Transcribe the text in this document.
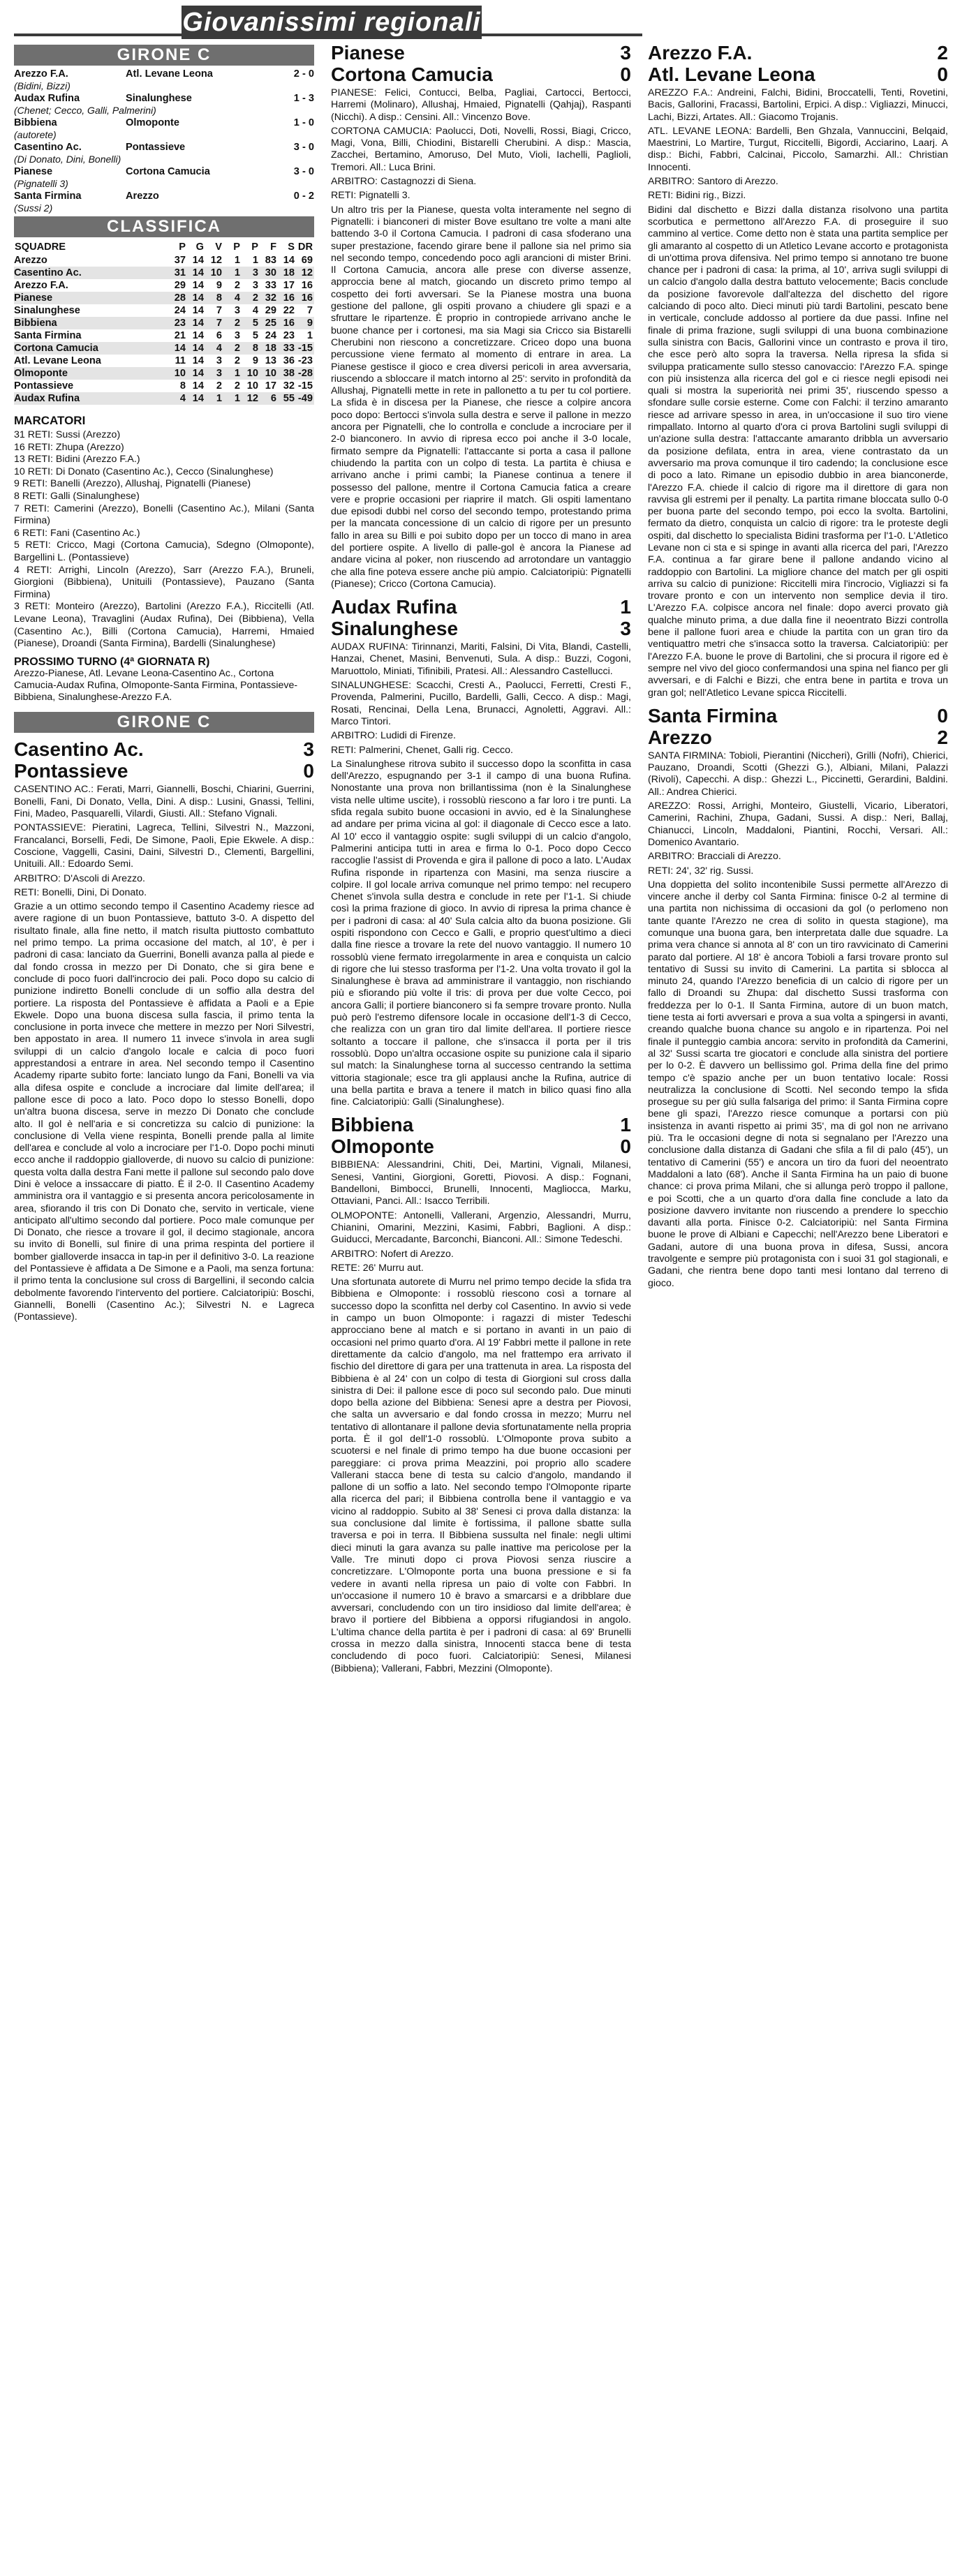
Giovanissimi regionali
GIRONE C
Arezzo F.A.	Atl. Levane Leona	2 - 0
(Bidini, Bizzi)
Audax Rufina	Sinalunghese	1 - 3
(Chenet; Cecco, Galli, Palmerini)
Bibbiena	Olmoponte	1 - 0
(autorete)
Casentino Ac.	Pontassieve	3 - 0
(Di Donato, Dini, Bonelli)
Pianese	Cortona Camucia	3 - 0
(Pignatelli 3)
Santa Firmina	Arezzo	0 - 2
(Sussi 2)
CLASSIFICA
SQUADRE	P	G	V	P	P	F	S	DR
Arezzo	37	14	12	1	1	83	14	69
Casentino Ac.	31	14	10	1	3	30	18	12
Arezzo F.A.	29	14	9	2	3	33	17	16
Pianese	28	14	8	4	2	32	16	16
Sinalunghese	24	14	7	3	4	29	22	7
Bibbiena	23	14	7	2	5	25	16	9
Santa Firmina	21	14	6	3	5	24	23	1
Cortona Camucia	14	14	4	2	8	18	33	-15
Atl. Levane Leona	11	14	3	2	9	13	36	-23
Olmoponte	10	14	3	1	10	10	38	-28
Pontassieve	8	14	2	2	10	17	32	-15
Audax Rufina	4	14	1	1	12	6	55	-49
MARCATORI
31 RETI: Sussi (Arezzo)
16 RETI: Zhupa (Arezzo)
13 RETI: Bidini (Arezzo F.A.)
10 RETI: Di Donato (Casentino Ac.), Cecco (Sinalunghese)
9 RETI: Banelli (Arezzo), Allushaj, Pignatelli (Pianese)
8 RETI: Galli (Sinalunghese)
7 RETI: Camerini (Arezzo), Bonelli (Casentino Ac.), Milani (Santa Firmina)
6 RETI: Fani (Casentino Ac.)
5 RETI: Cricco, Magi (Cortona Camucia), Sdegno (Olmoponte), Bargellini L. (Pontassieve)
4 RETI: Arrighi, Lincoln (Arezzo), Sarr (Arezzo F.A.), Bruneli, Giorgioni (Bibbiena), Unituili (Pontassieve), Pauzano (Santa Firmina)
3 RETI: Monteiro (Arezzo), Bartolini (Arezzo F.A.), Riccitelli (Atl. Levane Leona), Travaglini (Audax Rufina), Dei (Bibbiena), Vella (Casentino Ac.), Billi (Cortona Camucia), Harremi, Hmaied (Pianese), Droandi (Santa Firmina), Bardelli (Sinalunghese)
PROSSIMO TURNO (4ª GIORNATA R)
Arezzo-Pianese, Atl. Levane Leona-Casentino Ac., Cortona Camucia-Audax Rufina, Olmoponte-Santa Firmina, Pontassieve-Bibbiena, Sinalunghese-Arezzo F.A.
GIRONE C
Casentino Ac.	3
Pontassieve	0
CASENTINO AC.: Ferati, Marri, Giannelli, Boschi, Chiarini, Guerrini, Bonelli, Fani, Di Donato, Vella, Dini. A disp.: Lusini, Gnassi, Tellini, Fini, Madeo, Pasquarelli, Vilardi, Giusti. All.: Stefano Vignali.
PONTASSIEVE: Pieratini, Lagreca, Tellini, Silvestri N., Mazzoni, Francalanci, Borselli, Fedi, De Simone, Paoli, Epie Ekwele. A disp.: Coscione, Vaggelli, Casini, Daini, Silvestri D., Clementi, Bargellini, Unituili. All.: Edoardo Semi.
ARBITRO: D'Ascoli di Arezzo.
RETI: Bonelli, Dini, Di Donato.
Grazie a un ottimo secondo tempo il Casentino Academy riesce ad avere ragione di un buon Pontassieve, battuto 3-0. A dispetto del risultato finale, alla fine netto, il match risulta piuttosto combattuto nel primo tempo. La prima occasione del match, al 10', è per i padroni di casa: lanciato da Guerrini, Bonelli avanza palla al piede e dal fondo crossa in mezzo per Di Donato, che si gira bene e conclude di poco fuori dall'incrocio dei pali. Poco dopo su calcio di punizione indiretto Bonelli conclude di un soffio alla destra del portiere. La risposta del Pontassieve è affidata a Paoli e a Epie Ekwele. Dopo una buona discesa sulla fascia, il primo tenta la conclusione in porta invece che mettere in mezzo per Nori Silvestri, ben appostato in area. Il numero 11 invece s'invola in area sugli sviluppi di un calcio d'angolo locale e calcia di poco fuori apprestandosi a entrare in area. Nel secondo tempo il Casentino Academy riparte subito forte: lanciato lungo da Fani, Bonelli va via alla difesa ospite e conclude a incrociare dal limite dell'area; il pallone esce di poco a lato. Poco dopo lo stesso Bonelli, dopo un'altra buona discesa, serve in mezzo Di Donato che conclude alto. Il gol è nell'aria e si concretizza su calcio di punizione: la conclusione di Vella viene respinta, Bonelli prende palla al limite dell'area e conclude al volo a incrociare per l'1-0. Dopo pochi minuti ecco anche il raddoppio gialloverde, di nuovo su calcio di punizione: questa volta dalla destra Fani mette il pallone sul secondo palo dove Dini è veloce a inssaccare di piatto. È il 2-0. Il Casentino Academy amministra ora il vantaggio e si presenta ancora pericolosamente in area, sfiorando il tris con Di Donato che, servito in verticale, viene anticipato all'ultimo secondo dal portiere. Poco male comunque per Di Donato, che riesce a trovare il gol, il decimo stagionale, ancora su invito di Bonelli, sul finire di una prima respinta del portiere il bomber gialloverde insacca in tap-in per il definitivo 3-0. La reazione del Pontassieve è affidata a De Simone e a Paoli, ma senza fortuna: il primo tenta la conclusione sul cross di Bargellini, il secondo calcia debolmente favorendo l'intervento del portiere. Calciatoripiù: Boschi, Giannelli, Bonelli (Casentino Ac.); Silvestri N. e Lagreca (Pontassieve).
Pianese	3
Cortona Camucia	0
PIANESE: Felici, Contucci, Belba, Pagliai, Cartocci, Bertocci, Harremi (Molinaro), Allushaj, Hmaied, Pignatelli (Qahjaj), Raspanti (Nicchi). A disp.: Censini. All.: Vincenzo Bove.
CORTONA CAMUCIA: Paolucci, Doti, Novelli, Rossi, Biagi, Cricco, Magi, Vona, Billi, Chiodini, Bistarelli Cherubini. A disp.: Mascia, Zacchei, Bertamino, Amoruso, Del Muto, Violi, Iachelli, Paglioli, Tremori. All.: Luca Brini.
ARBITRO: Castagnozzi di Siena.
RETI: Pignatelli 3.
Un altro tris per la Pianese, questa volta interamente nel segno di Pignatelli: i bianconeri di mister Bove esultano tre volte a mani alte battendo 3-0 il Cortona Camucia. I padroni di casa sfoderano una super prestazione, facendo girare bene il pallone sia nel primo sia nel secondo tempo, concedendo poco agli arancioni di mister Brini. Il Cortona Camucia, ancora alle prese con diverse assenze, approccia bene al match, giocando un discreto primo tempo al cospetto dei forti avversari. Se la Pianese mostra una buona gestione del pallone, gli ospiti provano a chiudere gli spazi e a sfruttare le ripartenze. È proprio in contropiede arrivano anche le buone chance per i cortonesi, ma sia Magi sia Cricco sia Bistarelli Cherubini non riescono a concretizzare. Criceo dopo una buona percussione viene fermato al momento di entrare in area. La Pianese gestisce il gioco e crea diversi pericoli in area avversaria, riuscendo a sbloccare il match intorno al 25': servito in profondità da Allushaj, Pignatelli mette in rete in pallonetto a tu per tu col portiere. La sfida è in discesa per la Pianese, che riesce a colpire ancora poco dopo: Bertocci s'invola sulla destra e serve il pallone in mezzo ancora per Pignatelli, che lo controlla e conclude a incrociare per il 2-0 bianconero. In avvio di ripresa ecco poi anche il 3-0 locale, firmato sempre da Pignatelli: l'attaccante si porta a casa il pallone chiudendo la partita con un colpo di testa. La partita è chiusa e arrivano anche i primi cambi; la Pianese continua a tenere il possesso del pallone, mentre il Cortona Camucia fatica a creare vere e proprie occasioni per riaprire il match. Gli ospiti lamentano due episodi dubbi nel corso del secondo tempo, protestando prima per la mancata concessione di un calcio di rigore per un presunto fallo in area su Billi e poi subito dopo per un tocco di mano in area del portiere ospite. A livello di palle-gol è ancora la Pianese ad andare vicina al poker, non riuscendo ad arrotondare un vantaggio che alla fine poteva essere anche più ampio. Calciatoripiù: Pignatelli (Pianese); Cricco (Cortona Camucia).
Audax Rufina	1
Sinalunghese	3
AUDAX RUFINA: Tirinnanzi, Mariti, Falsini, Di Vita, Blandi, Castelli, Hanzai, Chenet, Masini, Benvenuti, Sula. A disp.: Buzzi, Cogoni, Maruottolo, Miniati, Tifinibili, Pratesi. All.: Alessandro Castellucci.
SINALUNGHESE: Scacchi, Cresti A., Paolucci, Ferretti, Cresti F., Provenda, Palmerini, Pucillo, Bardelli, Galli, Cecco. A disp.: Magi, Rosati, Rencinai, Della Lena, Brunacci, Agnoletti, Aggravi. All.: Marco Tintori.
ARBITRO: Ludidi di Firenze.
RETI: Palmerini, Chenet, Galli rig. Cecco.
La Sinalunghese ritrova subito il successo dopo la sconfitta in casa dell'Arezzo, espugnando per 3-1 il campo di una buona Rufina. Nonostante una prova non brillantissima (non è la Sinalunghese vista nelle ultime uscite), i rossoblù riescono a far loro i tre punti. La sfida regala subito buone occasioni in avvio, ed è la Sinalunghese ad andare per prima vicina al gol: il diagonale di Cecco esce a lato. Al 10' ecco il vantaggio ospite: sugli sviluppi di un calcio d'angolo, Palmerini anticipa tutti in area e firma lo 0-1. Poco dopo Cecco raccoglie l'assist di Provenda e gira il pallone di poco a lato. L'Audax Rufina risponde in ripartenza con Masini, ma senza riuscire a colpire. Il gol locale arriva comunque nel primo tempo: nel recupero Chenet s'invola sulla destra e conclude in rete per l'1-1. Si chiude così la prima frazione di gioco. In avvio di ripresa la prima chance è per i padroni di casa: al 40' Sula calcia alto da buona posizione. Gli ospiti rispondono con Cecco e Galli, e proprio quest'ultimo a dieci dalla fine riesce a trovare la rete del nuovo vantaggio. Il numero 10 rossoblù viene fermato irregolarmente in area e conquista un calcio di rigore che lui stesso trasforma per l'1-2. Una volta trovato il gol la Sinalunghese è brava ad amministrare il vantaggio, non rischiando più e sfiorando più volte il tris: di prova per due volte Cecco, poi ancora Galli; il portiere bianconero si fa sempre trovare pronto. Nulla può però l'estremo difensore locale in occasione dell'1-3 di Cecco, che realizza con un gran tiro dal limite dell'area. Il portiere riesce soltanto a toccare il pallone, che s'insacca il porta per il tris rossoblù. Dopo un'altra occasione ospite su punizione cala il sipario sul match: la Sinalunghese torna al successo centrando la settima vittoria stagionale; esce tra gli applausi anche la Rufina, autrice di una bella partita e brava a tenere il match in bilico quasi fino alla fine. Calciatoripiù: Galli (Sinalunghese).
Bibbiena	1
Olmoponte	0
BIBBIENA: Alessandrini, Chiti, Dei, Martini, Vignali, Milanesi, Senesi, Vantini, Giorgioni, Goretti, Piovosi. A disp.: Fognani, Bandelloni, Bimbocci, Brunelli, Innocenti, Magliocca, Marku, Ottaviani, Panci. All.: Isacco Terribili.
OLMOPONTE: Antonelli, Vallerani, Argenzio, Alessandri, Murru, Chianini, Omarini, Mezzini, Kasimi, Fabbri, Baglioni. A disp.: Guiducci, Mercadante, Barconchi, Bianconi. All.: Simone Tedeschi.
ARBITRO: Nofert di Arezzo.
RETE: 26' Murru aut.
Una sfortunata autorete di Murru nel primo tempo decide la sfida tra Bibbiena e Olmoponte: i rossoblù riescono così a tornare al successo dopo la sconfitta nel derby col Casentino. In avvio si vede in campo un buon Olmoponte: i ragazzi di mister Tedeschi approcciano bene al match e si portano in avanti in un paio di occasioni nel primo quarto d'ora. Al 19' Fabbri mette il pallone in rete direttamente da calcio d'angolo, ma nel frattempo era arrivato il fischio del direttore di gara per una trattenuta in area. La risposta del Bibbiena è al 24' con un colpo di testa di Giorgioni sul cross dalla sinistra di Dei: il pallone esce di poco sul secondo palo. Due minuti dopo bella azione del Bibbiena: Senesi apre a destra per Piovosi, che salta un avversario e dal fondo crossa in mezzo; Murru nel tentativo di allontanare il pallone devia sfortunatamente nella propria porta. È il gol dell'1-0 rossoblù. L'Olmoponte prova subito a scuotersi e nel finale di primo tempo ha due buone occasioni per pareggiare: ci prova prima Meazzini, poi proprio allo scadere Vallerani stacca bene di testa su calcio d'angolo, mandando il pallone di un soffio a lato. Nel secondo tempo l'Olmoponte riparte alla ricerca del pari; il Bibbiena controlla bene il vantaggio e va vicino al raddoppio. Subito al 38' Senesi ci prova dalla distanza: la sua conclusione dal limite è fortissima, il pallone sbatte sulla traversa e poi in terra. Il Bibbiena sussulta nel finale: negli ultimi dieci minuti la gara avanza su palle inattive ma pericolose per la Valle. Tre minuti dopo ci prova Piovosi senza riuscire a concretizzare. L'Olmoponte porta una buona pressione e si fa vedere in avanti nella ripresa un paio di volte con Fabbri. In un'occasione il numero 10 è bravo a smarcarsi e a dribblare due avversari, concludendo con un tiro insidioso dal limite dell'area; è bravo il portiere del Bibbiena a opporsi rifugiandosi in angolo. L'ultima chance della partita è per i padroni di casa: al 69' Brunelli crossa in mezzo dalla sinistra, Innocenti stacca bene di testa concludendo di poco fuori. Calciatoripiù: Senesi, Milanesi (Bibbiena); Vallerani, Fabbri, Mezzini (Olmoponte).
Arezzo F.A.	2
Atl. Levane Leona	0
AREZZO F.A.: Andreini, Falchi, Bidini, Broccatelli, Tenti, Rovetini, Bacis, Gallorini, Fracassi, Bartolini, Erpici. A disp.: Vigliazzi, Minucci, Lachi, Bizzi, Artates. All.: Giacomo Trojanis.
ATL. LEVANE LEONA: Bardelli, Ben Ghzala, Vannuccini, Belqaid, Maestrini, Lo Martire, Turgut, Riccitelli, Bigordi, Acciarino, Laarj. A disp.: Bichi, Fabbri, Calcinai, Piccolo, Samarzhi. All.: Christian Innocenti.
ARBITRO: Santoro di Arezzo.
RETI: Bidini rig., Bizzi.
Bidini dal dischetto e Bizzi dalla distanza risolvono una partita scorbutica e permettono all'Arezzo F.A. di proseguire il suo cammino al vertice. Come detto non è stata una partita semplice per gli amaranto al cospetto di un Atletico Levane accorto e protagonista di un'ottima prova difensiva. Nel primo tempo si annotano tre buone chance per i padroni di casa: la prima, al 10', arriva sugli sviluppi di un calcio d'angolo dalla destra battuto velocemente; Bacis conclude da posizione favorevole dall'altezza del dischetto del rigore calciando di poco alto. Dieci minuti più tardi Bartolini, pescato bene in verticale, conclude addosso al portiere da due passi. Infine nel finale di prima frazione, sugli sviluppi di una buona combinazione sulla sinistra con Bacis, Gallorini vince un contrasto e prova il tiro, che esce però alto sopra la traversa. Nella ripresa la sfida si sviluppa praticamente sullo stesso canovaccio: l'Arezzo F.A. spinge con più insistenza alla ricerca del gol e ci riesce negli episodi nei quali si mostra la superiorità nei primi 35', riuscendo spesso a sfondare sulle corsie esterne. Come con Falchi: il terzino amaranto riesce ad arrivare spesso in area, in un'occasione il suo tiro viene rimpallato. Intorno al quarto d'ora ci prova Bartolini sugli sviluppi di un'azione sulla destra: l'attaccante amaranto dribbla un avversario da posizione defilata, entra in area, viene contrastato da un avversario ma prova comunque il tiro cadendo; la conclusione esce di poco a lato. Rimane un episodio dubbio in area bianconerde, l'Arezzo F.A. chiede il calcio di rigore ma il direttore di gara non ravvisa gli estremi per il penalty. La partita rimane bloccata sullo 0-0 per buona parte del secondo tempo, poi ecco la svolta. Bartolini, fermato da dietro, conquista un calcio di rigore: tra le proteste degli ospiti, dal dischetto lo specialista Bidini trasforma per l'1-0. L'Atletico Levane non ci sta e si spinge in avanti alla ricerca del pari, l'Arezzo F.A. continua a far girare bene il pallone andando vicino al raddoppio con Bartolini. La migliore chance del match per gli ospiti arriva su calcio di punizione: Riccitelli mira l'incrocio, Vigliazzi si fa trovare pronto e con un intervento non semplice devia il tiro. L'Arezzo F.A. colpisce ancora nel finale: dopo averci provato già qualche minuto prima, a due dalla fine il neoentrato Bizzi controlla bene il pallone fuori area e chiude la partita con un gran tiro da ventiquattro metri che s'insacca sotto la traversa. Calciatoripiù: per l'Arezzo F.A. buone le prove di Bartolini, che si procura il rigore ed è sempre nel vivo del gioco confermandosi una spina nel fianco per gli avversari, e di Falchi e Bizzi, che entra bene in partita e trova un gran gol; nell'Atletico Levane spicca Riccitelli.
Santa Firmina	0
Arezzo	2
SANTA FIRMINA: Tobioli, Pierantini (Niccheri), Grilli (Nofri), Chierici, Pauzano, Droandi, Scotti (Ghezzi G.), Albiani, Milani, Palazzi (Rivoli), Capecchi. A disp.: Ghezzi L., Piccinetti, Gerardini, Baldini. All.: Andrea Chierici.
AREZZO: Rossi, Arrighi, Monteiro, Giustelli, Vicario, Liberatori, Camerini, Rachini, Zhupa, Gadani, Sussi. A disp.: Neri, Ballaj, Chianucci, Lincoln, Maddaloni, Piantini, Rocchi, Versari. All.: Domenico Avantario.
ARBITRO: Bracciali di Arezzo.
RETI: 24', 32' rig. Sussi.
Una doppietta del solito incontenibile Sussi permette all'Arezzo di vincere anche il derby col Santa Firmina: finisce 0-2 al termine di una partita non nichissima di occasioni da gol (o perlomeno non tante quante l'Arezzo ne crea di solito in questa stagione), ma comunque una buona gara, ben interpretata dalle due squadre. La prima vera chance si annota al 8' con un tiro ravvicinato di Camerini parato dal portiere. Al 18' è ancora Tobioli a farsi trovare pronto sul tentativo di Sussi su invito di Camerini. La partita si sblocca al minuto 24, quando l'Arezzo beneficia di un calcio di rigore per un fallo di Droandi su Zhupa: dal dischetto Sussi trasforma con freddezza per lo 0-1. Il Santa Firmina, autore di un buon match, tiene testa ai forti avversari e prova a sua volta a spingersi in avanti, creando qualche buona chance su angolo e in ripartenza. Poi nel finale il punteggio cambia ancora: servito in profondità da Camerini, al 32' Sussi scarta tre giocatori e conclude alla sinistra del portiere per lo 0-2. È davvero un bellissimo gol. Prima della fine del primo tempo c'è spazio anche per un buon tentativo locale: Rossi neutralizza la conclusione di Scotti. Nel secondo tempo la sfida prosegue su per giù sulla falsariga del primo: il Santa Firmina copre bene gli spazi, l'Arezzo riesce comunque a portarsi con più insistenza in avanti rispetto ai primi 35', ma di gol non ne arrivano più. Tra le occasioni degne di nota si segnalano per l'Arezzo una conclusione dalla distanza di Gadani che sfila a fil di palo (45'), un tentativo di Camerini (55') e ancora un tiro da fuori del neoentrato Maddaloni a lato (68'). Anche il Santa Firmina ha un paio di buone chance: ci prova prima Milani, che si allunga però troppo il pallone, e poi Scotti, che a un quarto d'ora dalla fine conclude a lato da posizione davvero invitante non riuscendo a prendere lo specchio davanti alla porta. Finisce 0-2. Calciatoripiù: nel Santa Firmina buone le prove di Albiani e Capecchi; nell'Arezzo bene Liberatori e Gadani, autore di una buona prova in difesa, Sussi, ancora travolgente e sempre più protagonista con i suoi 31 gol stagionali, e Gadani, che rientra bene dopo tanti mesi lontano dal terreno di gioco.
